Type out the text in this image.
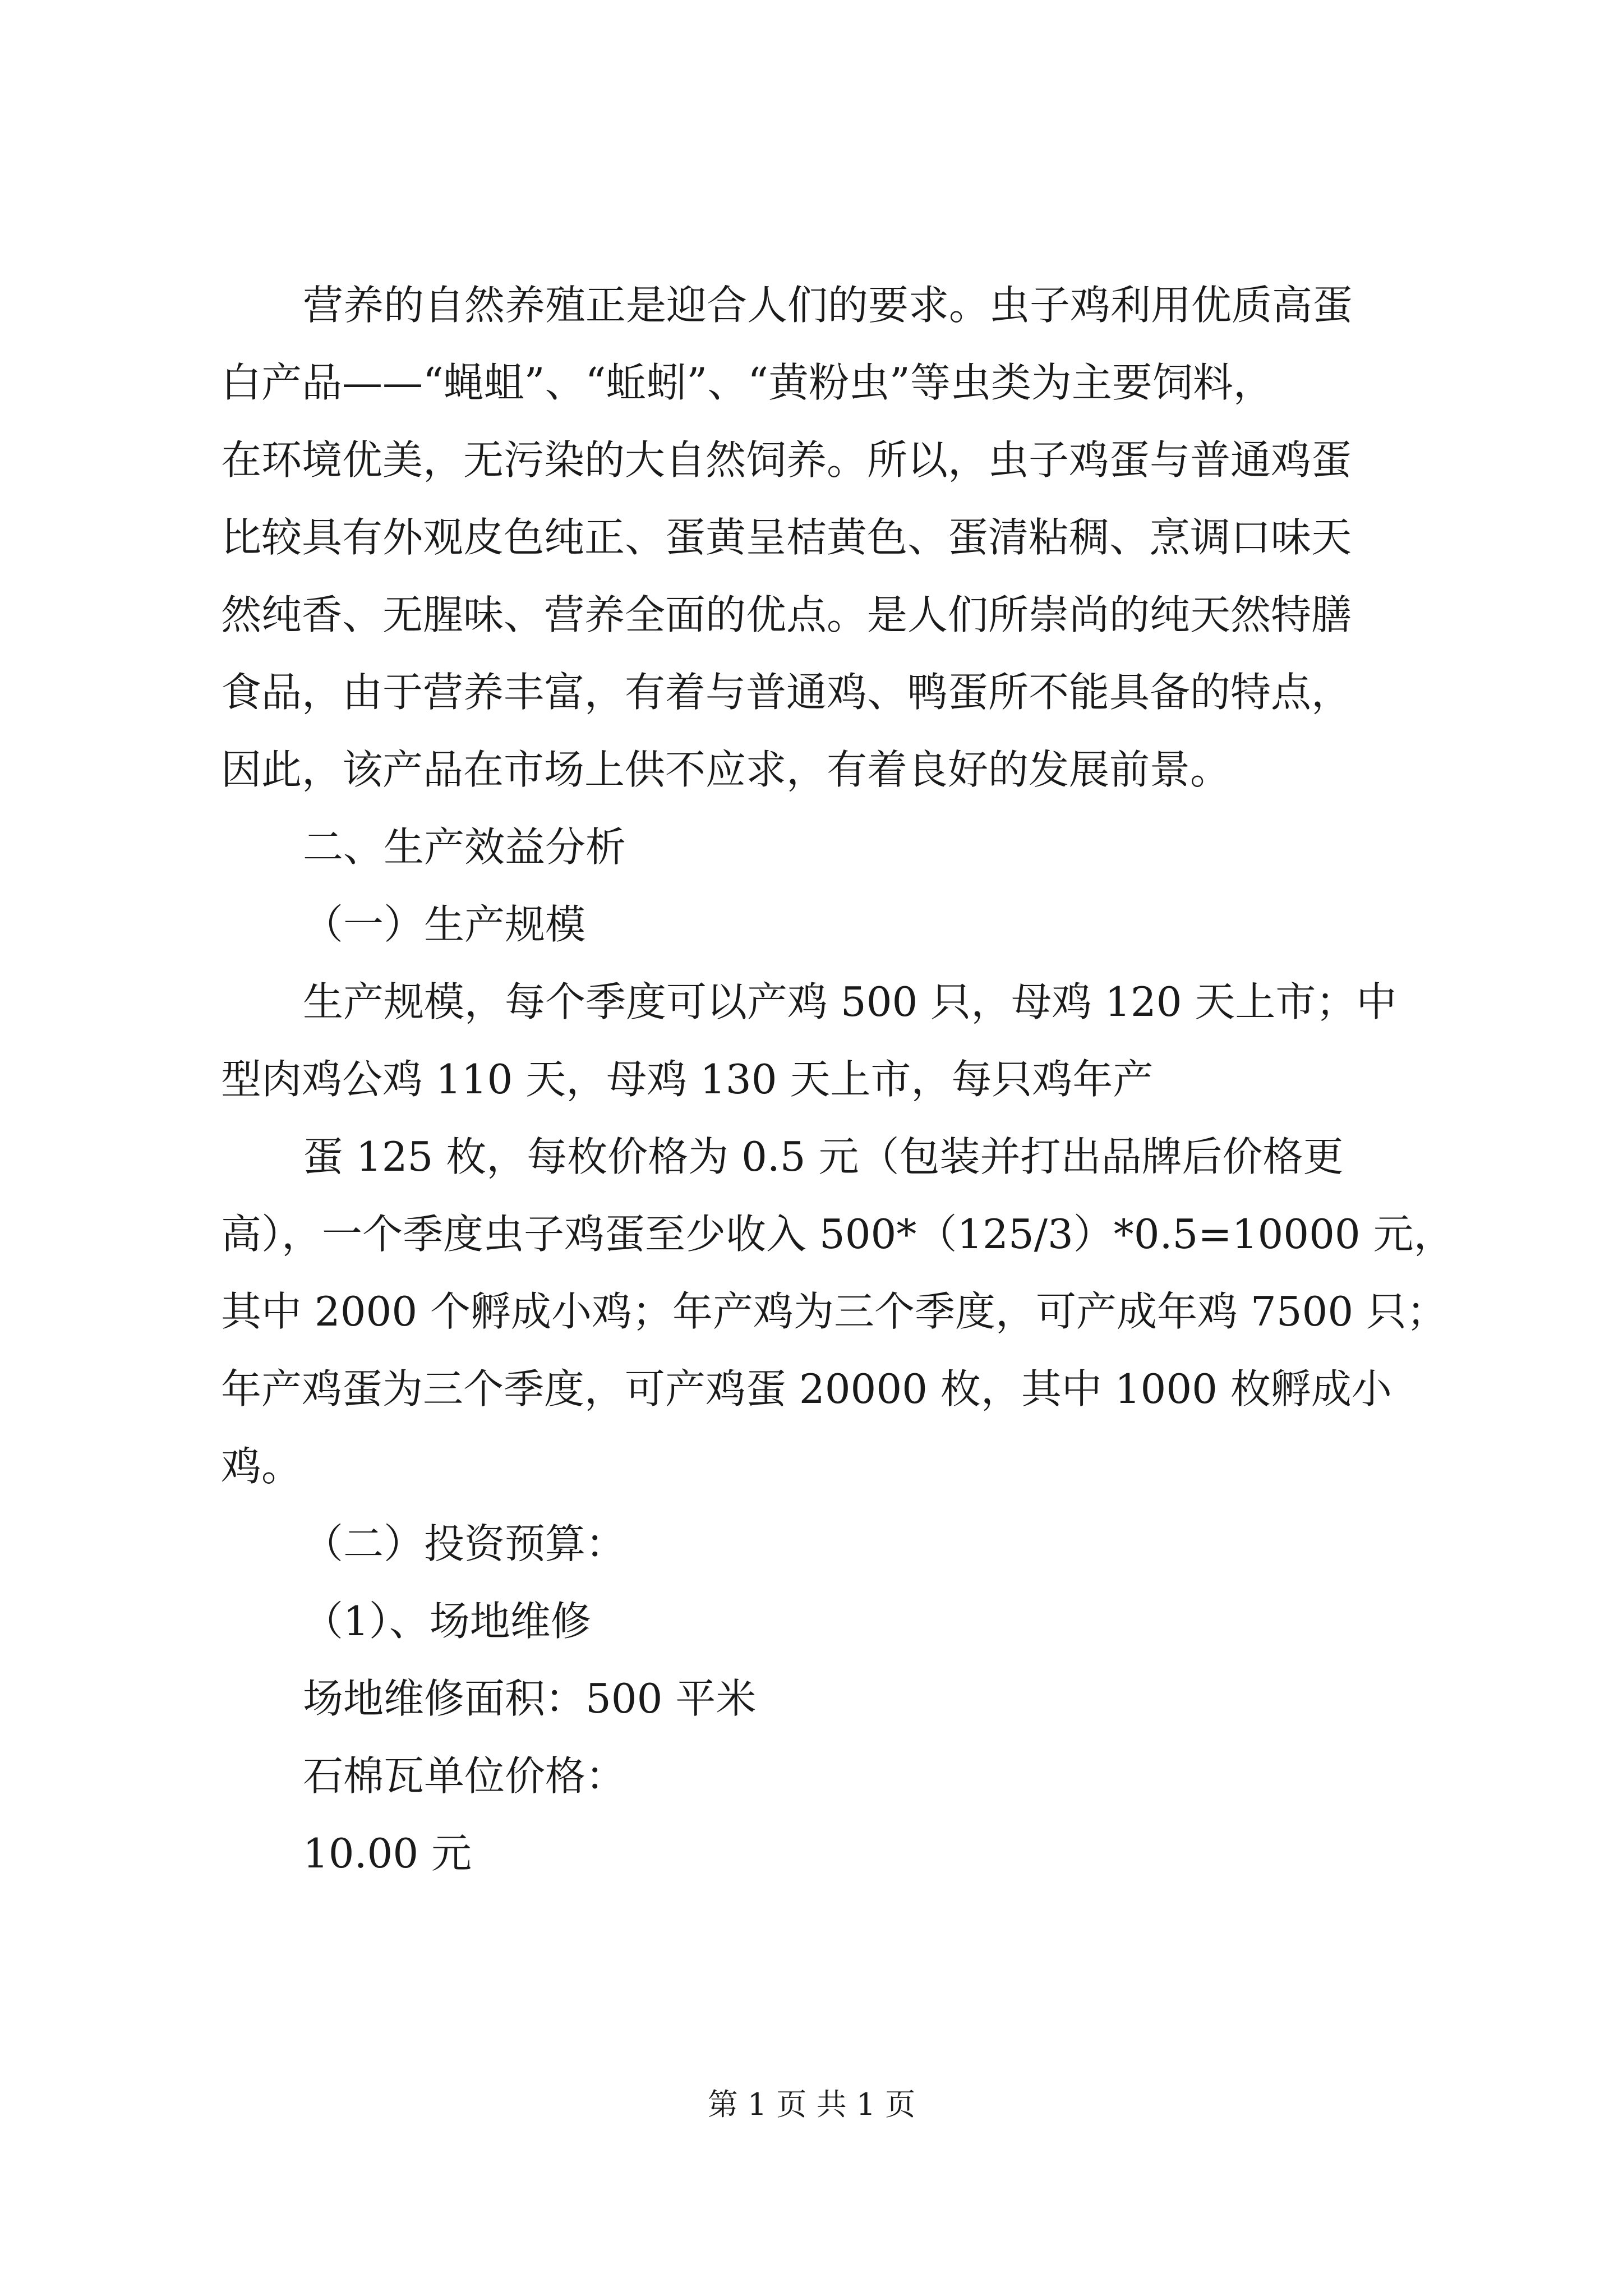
营养的自然养殖正是迎合人们的要求。虫子鸡利用优质高蛋
白产品——“蝇蛆”、“蚯蚓”、“黄粉虫”等虫类为主要饲料，
在环境优美，无污染的大自然饲养。所以，虫子鸡蛋与普通鸡蛋
比较具有外观皮色纯正、蛋黄呈桔黄色、蛋清粘稠、烹调口味天
然纯香、无腥味、营养全面的优点。是人们所崇尚的纯天然特膳
食品，由于营养丰富，有着与普通鸡、鸭蛋所不能具备的特点，
因此，该产品在市场上供不应求，有着良好的发展前景。
二、生产效益分析
（一）生产规模
生产规模，每个季度可以产鸡 500 只，母鸡 120 天上市；中
型肉鸡公鸡 110 天，母鸡 130 天上市，每只鸡年产
蛋 125 枚，每枚价格为 0.5 元（包装并打出品牌后价格更
高），一个季度虫子鸡蛋至少收入 500*（125/3）*0.5=10000 元，
其中 2000 个孵成小鸡；年产鸡为三个季度，可产成年鸡 7500 只；
年产鸡蛋为三个季度，可产鸡蛋 20000 枚，其中 1000 枚孵成小
鸡。
（二）投资预算：
（1）、场地维修
场地维修面积：500 平米
石棉瓦单位价格：
10.00 元
第 1 页 共 1 页
